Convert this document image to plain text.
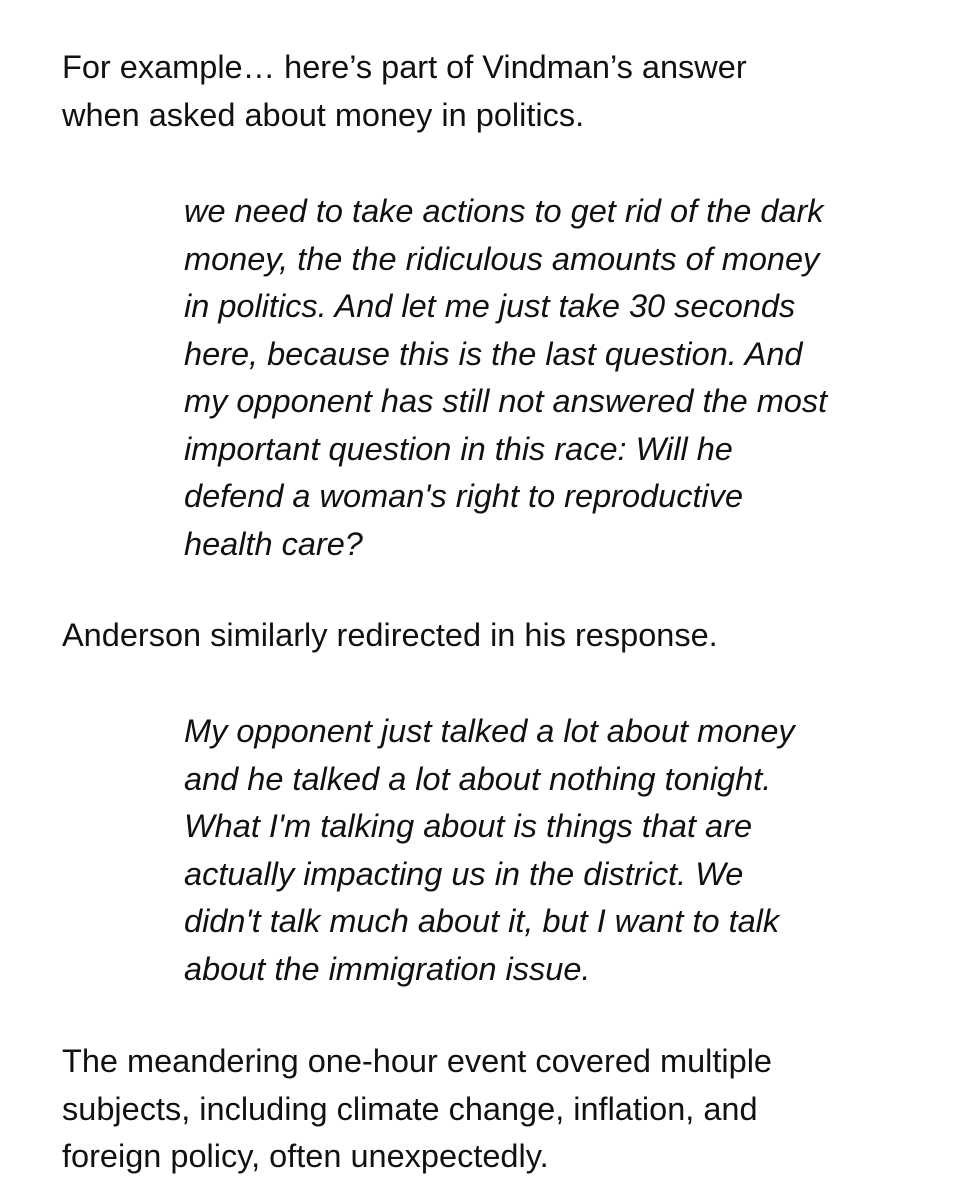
For example… here’s part of Vindman’s answer
when asked about money in politics.

we need to take actions to get rid of the dark
money, the the ridiculous amounts of money
in politics. And let me just take 30 seconds
here, because this is the last question. And
my opponent has still not answered the most
important question in this race: Will he
defend a woman's right to reproductive
health care?

Anderson similarly redirected in his response.

My opponent just talked a lot about money
and he talked a lot about nothing tonight.
What I'm talking about is things that are
actually impacting us in the district. We
didn't talk much about it, but I want to talk
about the immigration issue.

The meandering one-hour event covered multiple
subjects, including climate change, inflation, and
foreign policy, often unexpectedly.
